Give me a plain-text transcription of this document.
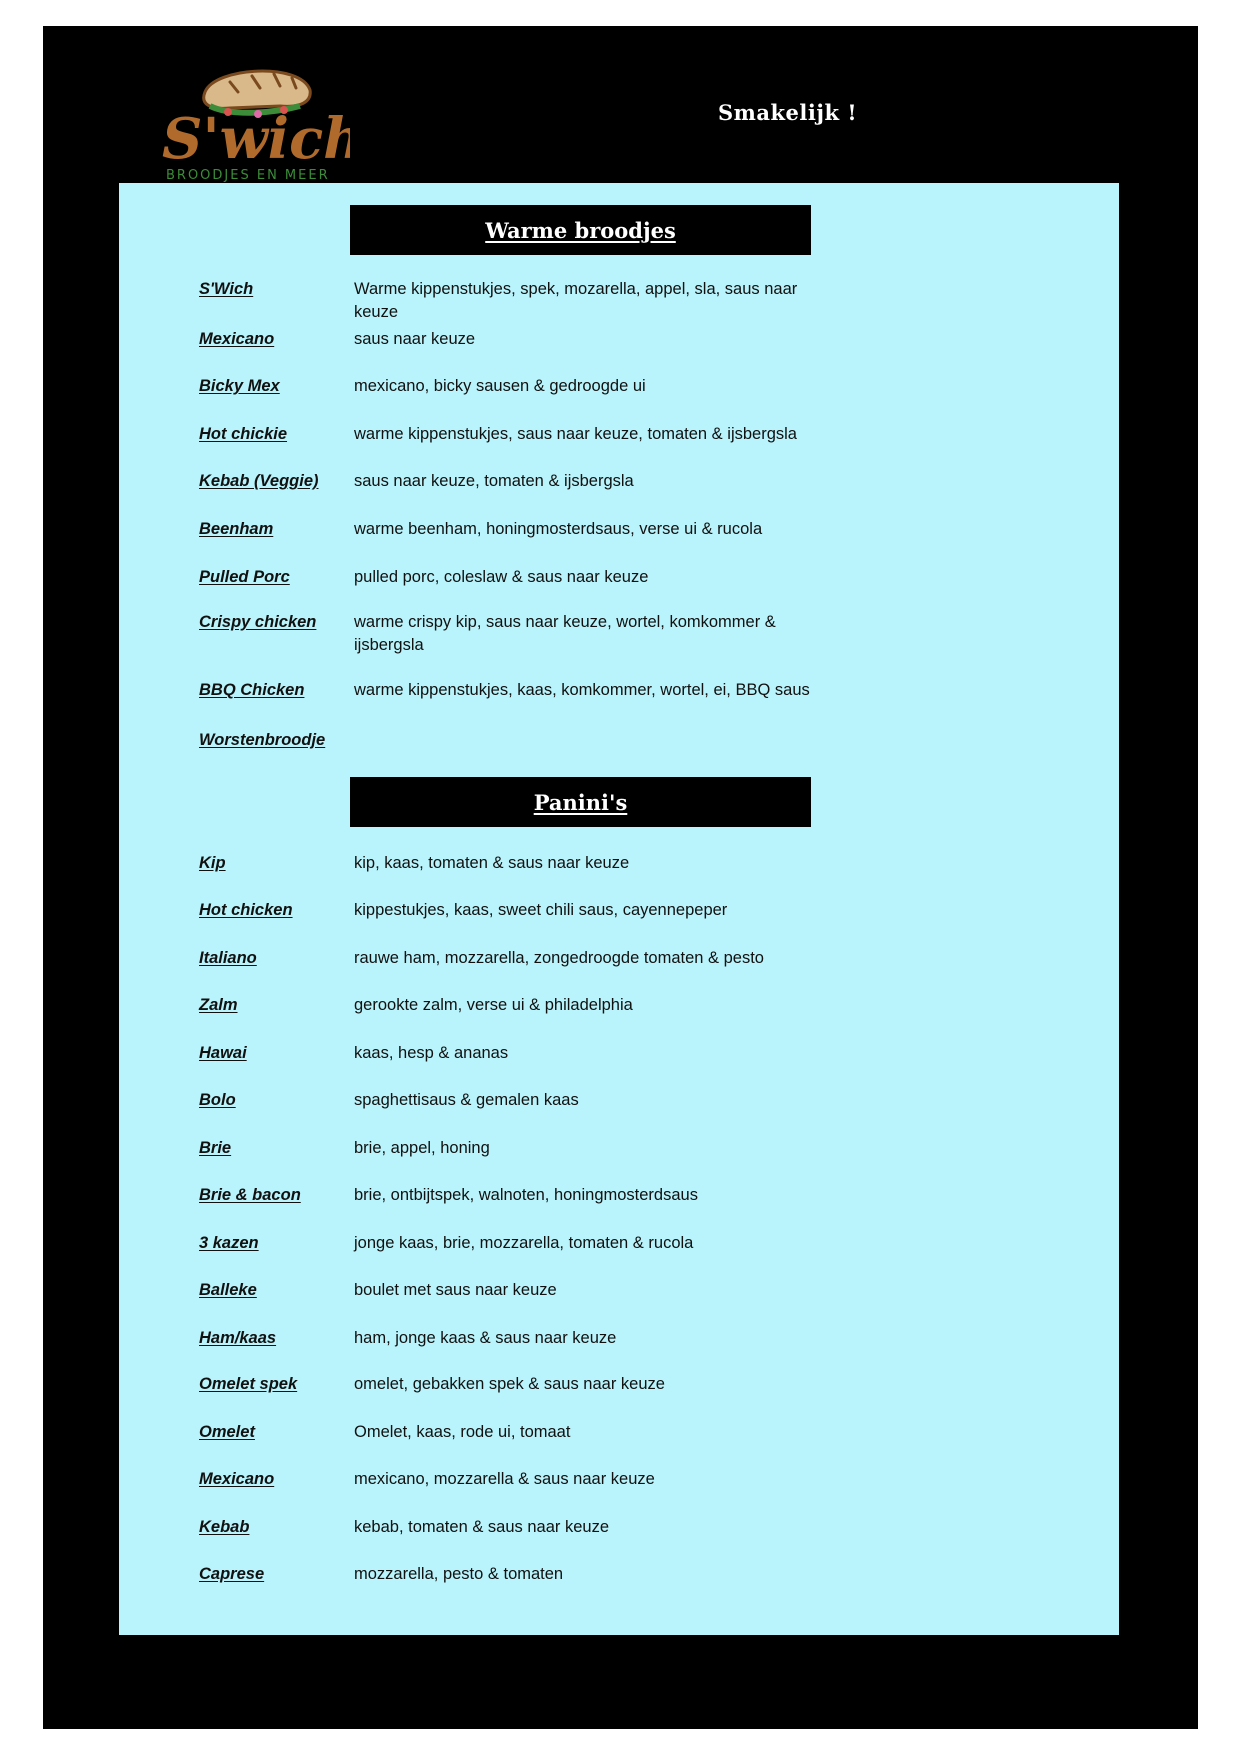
S'wich
BROODJES EN MEER
Smakelijk !
Warme broodjes
S'Wich	Warme kippenstukjes, spek, mozarella, appel, sla, saus naar keuze
Mexicano	saus naar keuze
Bicky Mex	mexicano, bicky sausen & gedroogde ui
Hot chickie	warme kippenstukjes, saus naar keuze, tomaten & ijsbergsla
Kebab (Veggie)	saus naar keuze, tomaten & ijsbergsla
Beenham	warme beenham, honingmosterdsaus, verse ui & rucola
Pulled Porc	pulled porc, coleslaw & saus naar keuze
Crispy chicken	warme crispy kip, saus naar keuze, wortel, komkommer & ijsbergsla
BBQ Chicken	warme kippenstukjes, kaas, komkommer, wortel, ei, BBQ saus
Worstenbroodje
Panini's
Kip	kip, kaas, tomaten & saus naar keuze
Hot chicken	kippestukjes, kaas, sweet chili saus, cayennepeper
Italiano	rauwe ham, mozzarella, zongedroogde tomaten & pesto
Zalm	gerookte zalm, verse ui & philadelphia
Hawai	kaas, hesp & ananas
Bolo	spaghettisaus & gemalen kaas
Brie	brie, appel, honing
Brie & bacon	brie, ontbijtspek, walnoten, honingmosterdsaus
3 kazen	jonge kaas, brie, mozzarella, tomaten & rucola
Balleke	boulet met saus naar keuze
Ham/kaas	ham, jonge kaas & saus naar keuze
Omelet spek	omelet, gebakken spek & saus naar keuze
Omelet	Omelet, kaas, rode ui, tomaat
Mexicano	mexicano, mozzarella & saus naar keuze
Kebab	kebab, tomaten & saus naar keuze
Caprese	mozzarella, pesto & tomaten
